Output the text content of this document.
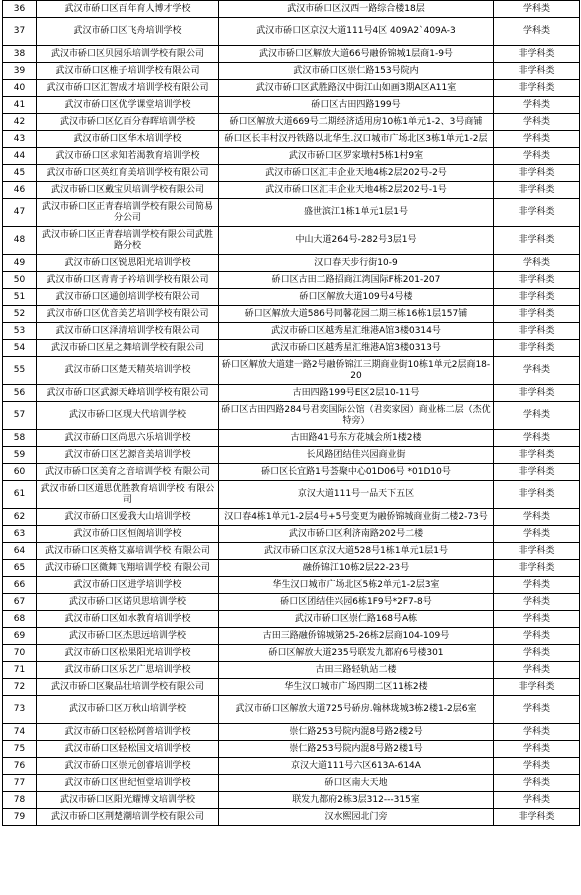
36	武汉市硚口区百年育人博才学校	武汉市硚口区汉西一路综合楼18层	学科类
37	武汉市硚口区飞舟培训学校	武汉市硚口区京汉大道111号4区 409A2`409A-3	学科类
38	武汉市硚口区贝园乐培训学校有限公司	武汉市硚口区解放大道66号融侨锦城1层商1-9号	非学科类
39	武汉市硚口区椎子培训学校有限公司	武汉市硚口区崇仁路153号院内	非学科类
40	武汉市硚口区汇智成才培训学校有限公司	武汉市硚口区武胜路汉中街江山如画3期A区A11室	非学科类
41	武汉市硚口区优学课堂培训学校	硚口区古田四路199号	学科类
42	武汉市硚口区亿百分春晖培训学校	硚口区解放大道669号二期经济适用房10栋1单元1-2、3号商铺	学科类
43	武汉市硚口区华木培训学校	硚口区长丰村汉丹铁路以北华生.汉口城市广场北区3栋1单元1-2层	学科类
44	武汉市硚口区求知若渴教育培训学校	武汉市硚口区罗家墩村5栋1村9室	学科类
45	武汉市硚口区英红育美培训学校有限公司	武汉市硚口区汇丰企业天地4栋2层202号-2号	非学科类
46	武汉市硚口区戴宝贝培训学校有限公司	武汉市硚口区汇丰企业天地4栋2层202号-1号	非学科类
47	武汉市硚口区正青春培训学校有限公司简易分公司	盛世滨江1栋1单元1层1号	非学科类
48	武汉市硚口区正青春培训学校有限公司武胜路分校	中山大道264号-282号3层1号	非学科类
49	武汉市硚口区锐思阳光培训学校	汉口春天步行街10-9	学科类
50	武汉市硚口区青青子衿培训学校有限公司	硚口区古田二路招商江湾国际F栋201-207	非学科类
51	武汉市硚口区通创培训学校有限公司	硚口区解放大道109号4号楼	非学科类
52	武汉市硚口区优音美艺培训学校有限公司	硚口区解放大道586号同馨花园二期三栋16栋1层157铺	非学科类
53	武汉市硚口区泽清培训学校有限公司	武汉市硚口区越秀星汇维港A馆3楼0314号	非学科类
54	武汉市硚口区星之舞培训学校有限公司	武汉市硚口区越秀星汇维港A馆3楼0313号	非学科类
55	武汉市硚口区楚天精英培训学校	硚口区解放大道建一路2号融侨锦江三期商业街10栋1单元2层商18-20	学科类
56	武汉市硚口区武源天峰培训学校有限公司	古田四路199号E区2层10-11号	非学科类
57	武汉市硚口区现大代培训学校	硚口区古田四路284号君奕国际公馆（君奕家园）商业栋二层（杰优特旁）	学科类
58	武汉市硚口区尚思六乐培训学校	古田路41号东方花城会所1楼2楼	学科类
59	武汉市硚口区艺源音美培训学校	长风路团结佳兴园商业街	非学科类
60	武汉市硚口区美育之音培训学校 有限公司	硚口区长宜路1号荟聚中心01D06号 *01D10号	非学科类
61	武汉市硚口区道思优胜教育培训学校 有限公司	京汉大道111号一品天下五区	非学科类
62	武汉市硚口区爱我大山培训学校	汉口春4栋1单元1-2层4号+5号变更为融侨锦城商业街二楼2-73号	学科类
63	武汉市硚口区恒阁培训学校	武汉市硚口区利济南路202号二楼	学科类
64	武汉市硚口区英格艾嘉培训学校 有限公司	武汉市硚口区京汉大道528号1栋1单元1层1号	非学科类
65	武汉市硚口区微舞飞翔培训学校 有限公司	融侨锦江10栋2层22-23号	非学科类
66	武汉市硚口区进学培训学校	华生汉口城市广场北区5栋2单元1-2层3室	学科类
67	武汉市硚口区诺贝思培训学校	硚口区团结佳兴园6栋1F9号*2F7-8号	学科类
68	武汉市硚口区如水教育培训学校	武汉市硚口区崇仁路168号A栋	学科类
69	武汉市硚口区杰思远培训学校	古田三路融侨锦城第25-26栋2层商104-109号	学科类
70	武汉市硚口区松果阳光培训学校	硚口区解放大道235号联发九都府6号楼301	学科类
71	武汉市硚口区乐艺广思培训学校	古田三路轻轨站二楼	学科类
72	武汉市硚口区聚品壮培训学校有限公司	华生汉口城市广场四期二区11栋2楼	非学科类
73	武汉市硚口区万秋山培训学校	武汉市硚口区解放大道725号硚房.翰林珑城3栋2楼1-2层6室	学科类
74	武汉市硚口区轻松阿普培训学校	崇仁路253号院内混8号路2楼2号	学科类
75	武汉市硚口区轻松国文培训学校	崇仁路253号院内混8号路2楼1号	学科类
76	武汉市硚口区崇元创睿培训学校	京汉大道111号六区613A-614A	学科类
77	武汉市硚口区世纪恒堂培训学校	硚口区南大天地	学科类
78	武汉市硚口区阳光耀博文培训学校	联发九都府2栋3层312---315室	学科类
79	武汉市硚口区荆楚潮培训学校有限公司	汉水熙园北门旁	非学科类
